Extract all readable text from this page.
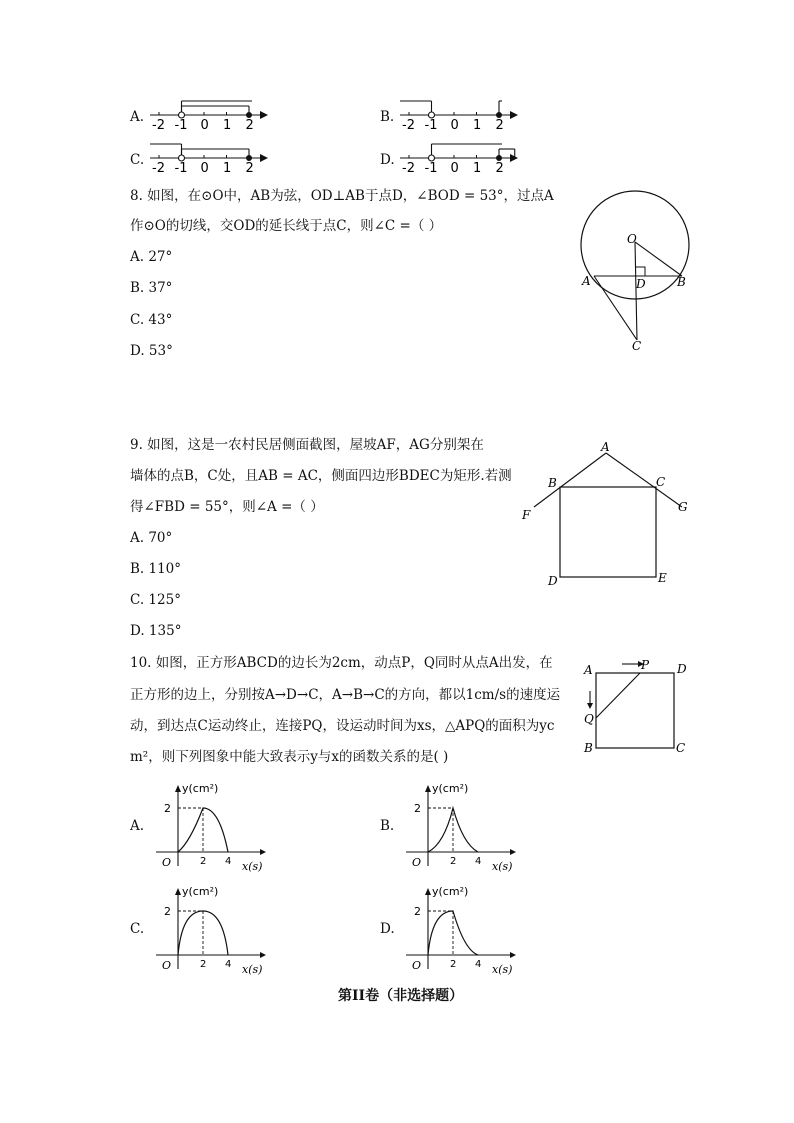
A.
-2 -1 0 1 2
B.
-2 -1 0 1 2
C.
-2 -1 0 1 2
D.
-2 -1 0 1 2
8. 如图，在⊙O中，AB为弦，OD⊥AB于点D，∠BOD = 53°，过点A
作⊙O的切线，交OD的延长线于点C，则∠C =（ ）
A. 27°
B. 37°
C. 43°
D. 53°
O
A	D	B
C
9. 如图，这是一农村民居侧面截图，屋坡AF，AG分别架在
墙体的点B，C处，且AB = AC，侧面四边形BDEC为矩形.若测
得∠FBD = 55°，则∠A =（ ）
A. 70°
B. 110°
C. 125°
D. 135°
A
B	C
F
G
D	E
10. 如图，正方形ABCD的边长为2cm，动点P，Q同时从点A出发，在
正方形的边上，分别按A→D→C，A→B→C的方向，都以1cm/s的速度运
动，到达点C运动终止，连接PQ，设运动时间为xs，△APQ的面积为yc
m²，则下列图象中能大致表示y与x的函数关系的是( )
A	P D
Q
B	C
A.
y(cm²)
2
O	2 4 x(s)
B.
y(cm²)
2
O	2 4 x(s)
C.
y(cm²)
2
O	2 4 x(s)
D.
y(cm²)
2
O	2 4 x(s)
第II卷（非选择题）
